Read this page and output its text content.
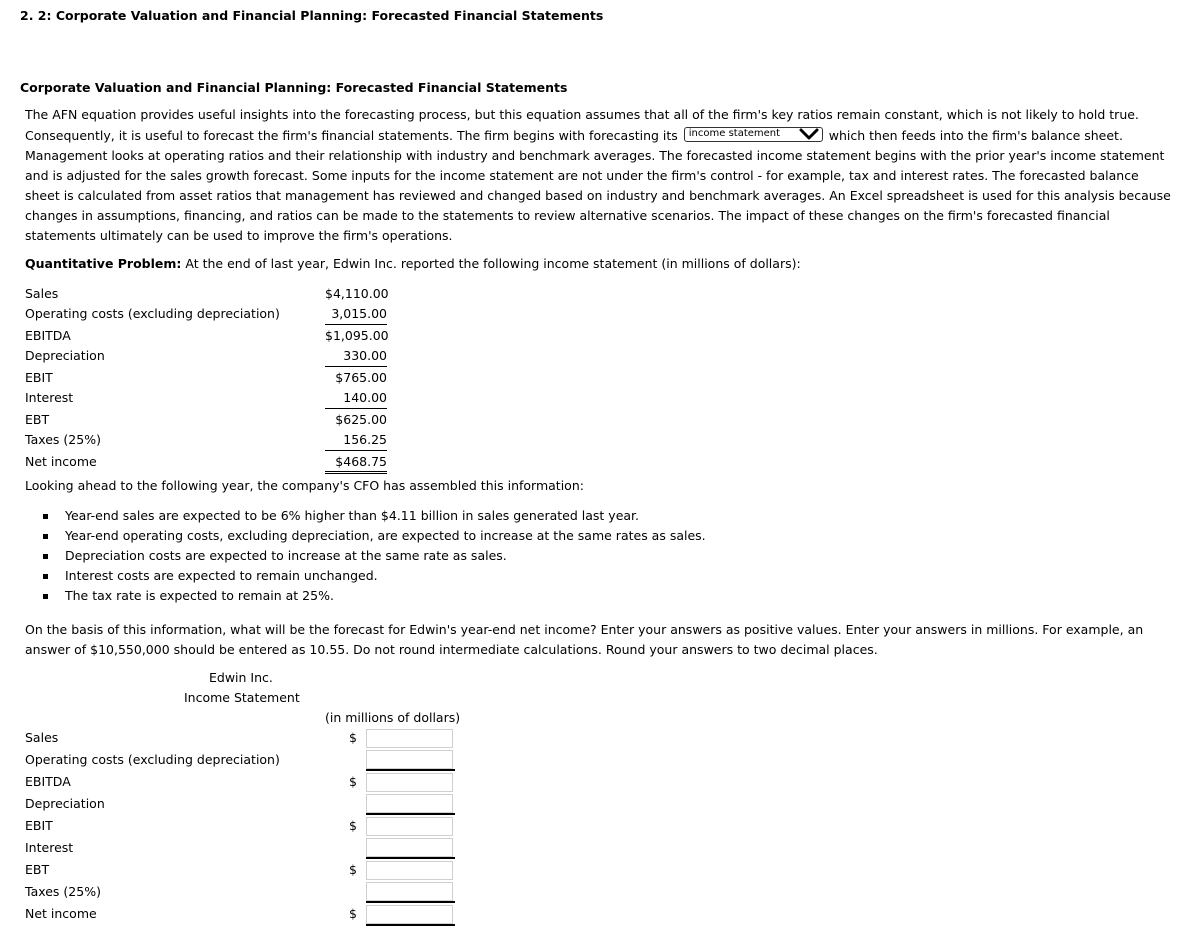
2. 2: Corporate Valuation and Financial Planning: Forecasted Financial Statements
Corporate Valuation and Financial Planning: Forecasted Financial Statements
The AFN equation provides useful insights into the forecasting process, but this equation assumes that all of the firm's key ratios remain constant, which is not likely to hold true. Consequently, it is useful to forecast the firm's financial statements. The firm begins with forecasting its income statement	which then feeds into the firm's balance sheet. Management looks at operating ratios and their relationship with industry and benchmark averages. The forecasted income statement begins with the prior year's income statement and is adjusted for the sales growth forecast. Some inputs for the income statement are not under the firm's control - for example, tax and interest rates. The forecasted balance sheet is calculated from asset ratios that management has reviewed and changed based on industry and benchmark averages. An Excel spreadsheet is used for this analysis because changes in assumptions, financing, and ratios can be made to the statements to review alternative scenarios. The impact of these changes on the firm's forecasted financial statements ultimately can be used to improve the firm's operations.
Quantitative Problem: At the end of last year, Edwin Inc. reported the following income statement (in millions of dollars):
Sales	$4,110.00
Operating costs (excluding depreciation)	3,015.00
EBITDA	$1,095.00
Depreciation	330.00
EBIT	$765.00
Interest	140.00
EBT	$625.00
Taxes (25%)	156.25
Net income	$468.75
Looking ahead to the following year, the company's CFO has assembled this information:
Year-end sales are expected to be 6% higher than $4.11 billion in sales generated last year.
Year-end operating costs, excluding depreciation, are expected to increase at the same rates as sales.
Depreciation costs are expected to increase at the same rate as sales.
Interest costs are expected to remain unchanged.
The tax rate is expected to remain at 25%.
On the basis of this information, what will be the forecast for Edwin's year-end net income? Enter your answers as positive values. Enter your answers in millions. For example, an answer of $10,550,000 should be entered as 10.55. Do not round intermediate calculations. Round your answers to two decimal places.
Edwin Inc.
Income Statement
(in millions of dollars)
Sales	$
Operating costs (excluding depreciation)
EBITDA	$
Depreciation
EBIT	$
Interest
EBT	$
Taxes (25%)
Net income	$
